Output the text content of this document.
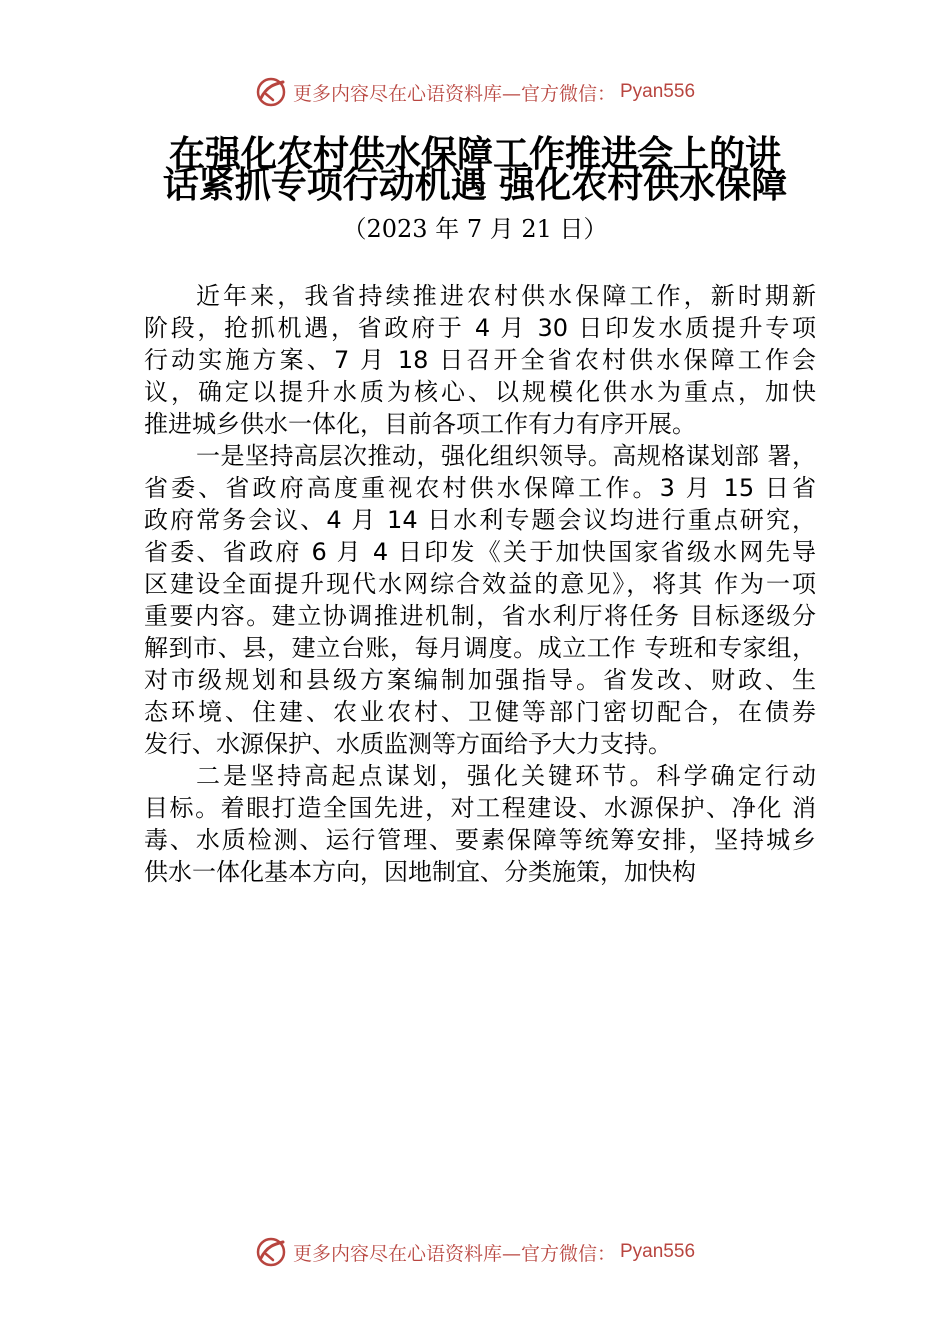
更多内容尽在心语资料库—官方微信： Pyan556
在强化农村供水保障工作推进会上的讲
话紧抓专项行动机遇 强化农村供水保障
（2023 年 7 月 21 日）
近年来，我省持续推进农村供水保障工作，新时期新
阶段，抢抓机遇，省政府于 4 月 30 日印发水质提升专项
行动实施方案、7 月 18 日召开全省农村供水保障工作会
议，确定以提升水质为核心、以规模化供水为重点，加快
推进城乡供水一体化，目前各项工作有力有序开展。
一是坚持高层次推动，强化组织领导。高规格谋划部 署，
省委、省政府高度重视农村供水保障工作。3 月 15 日省
政府常务会议、4 月 14 日水利专题会议均进行重点研究，
省委、省政府 6 月 4 日印发《关于加快国家省级水网先导
区建设全面提升现代水网综合效益的意见》，将其 作为一项
重要内容。建立协调推进机制，省水利厅将任务 目标逐级分
解到市、县，建立台账，每月调度。成立工作 专班和专家组，
对市级规划和县级方案编制加强指导。省发改、财政、生
态环境、住建、农业农村、卫健等部门密切配合，在债券
发行、水源保护、水质监测等方面给予大力支持。
二是坚持高起点谋划，强化关键环节。科学确定行动
目标。着眼打造全国先进，对工程建设、水源保护、净化 消
毒、水质检测、运行管理、要素保障等统筹安排，坚持城乡
供水一体化基本方向，因地制宜、分类施策，加快构
更多内容尽在心语资料库—官方微信： Pyan556
